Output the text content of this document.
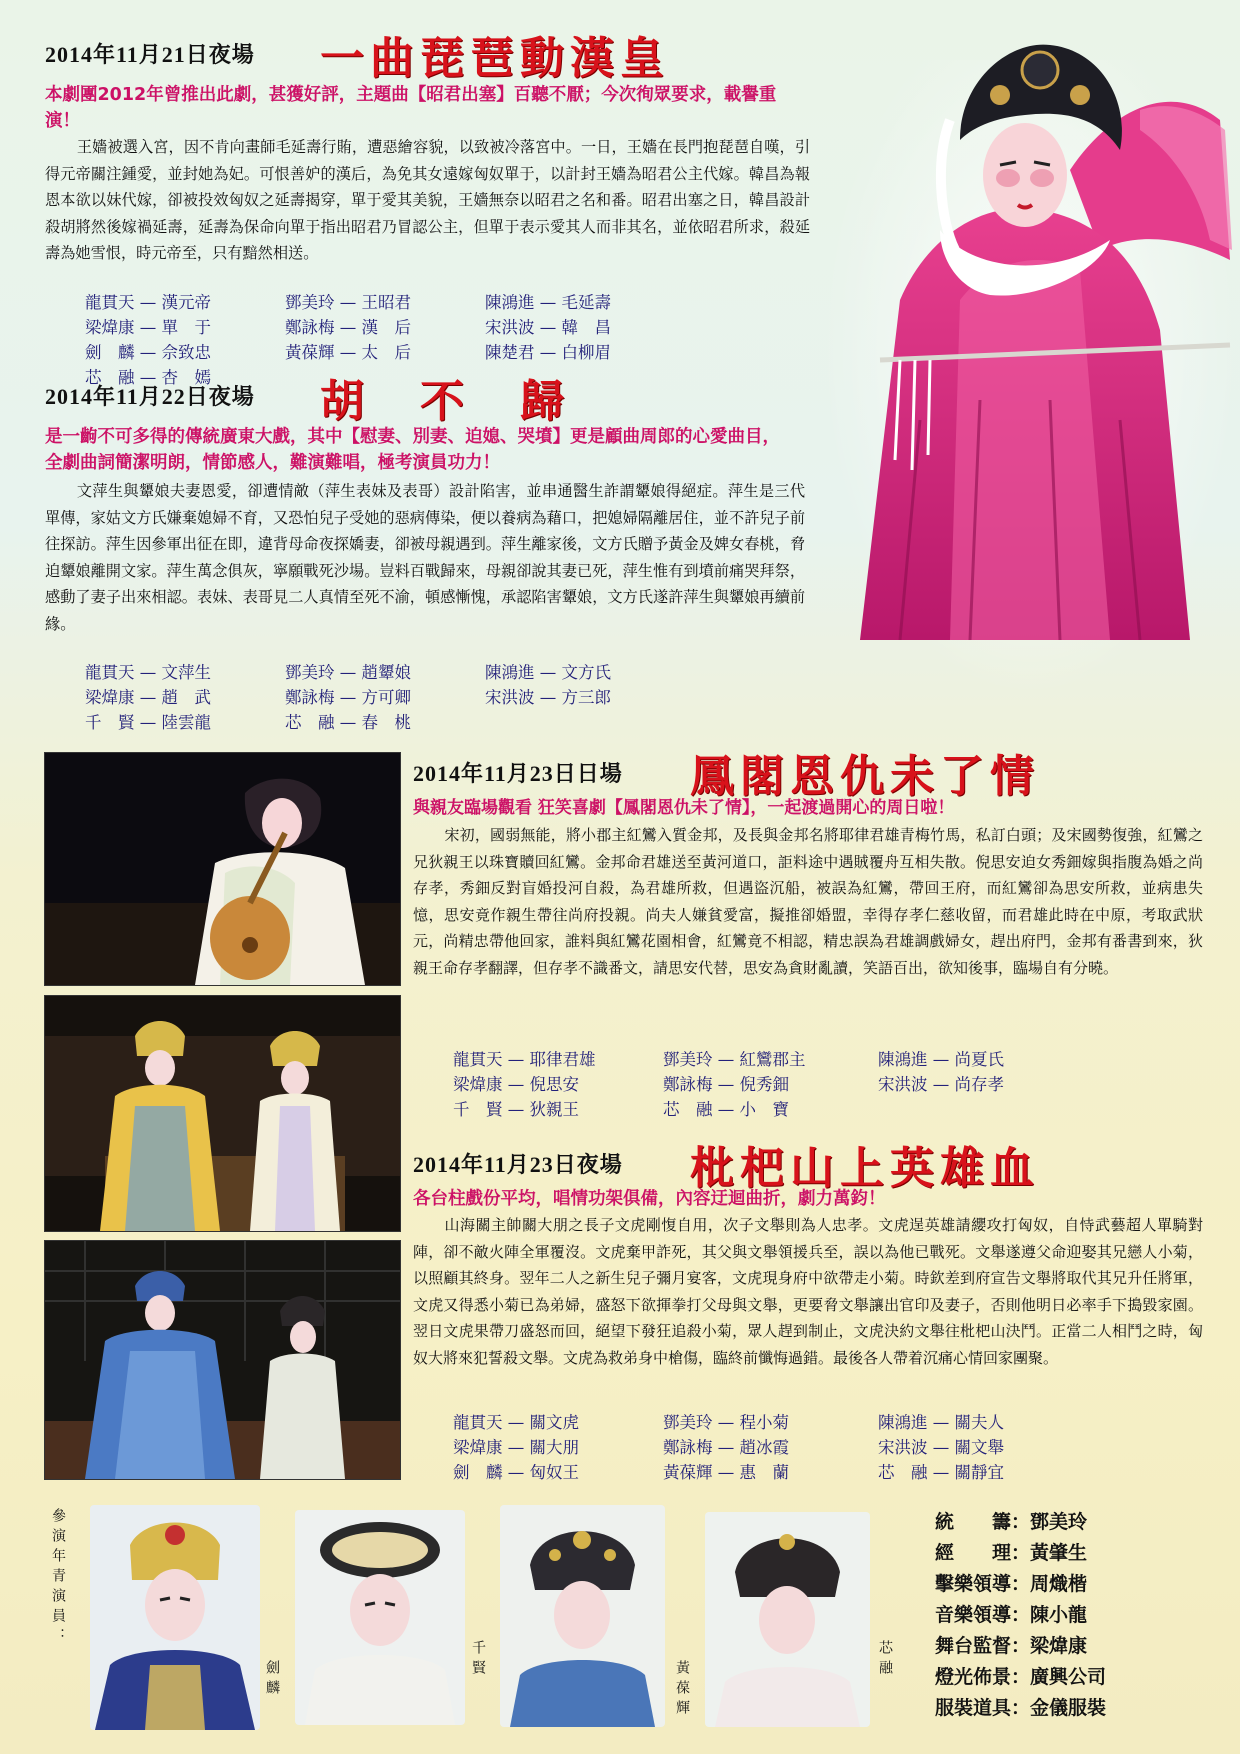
2014年11月21日夜場 一曲琵琶動漢皇
本劇團2012年曾推出此劇，甚獲好評，主題曲【昭君出塞】百聽不厭；今次徇眾要求，載譽重演！
王嬙被選入宮，因不肯向畫師毛延壽行賄，遭惡繪容貌，以致被冷落宮中。一日，王嬙在長門抱琵琶自嘆，引得元帝關注鍾愛，並封她為妃。可恨善妒的漢后，為免其女遠嫁匈奴單于，以計封王嬙為昭君公主代嫁。韓昌為報恩本欲以妹代嫁，卻被投效匈奴之延壽揭穿，單于愛其美貌，王嬙無奈以昭君之名和番。昭君出塞之日，韓昌設計殺胡將然後嫁禍延壽，延壽為保命向單于指出昭君乃冒認公主，但單于表示愛其人而非其名，並依昭君所求，殺延壽為她雪恨，時元帝至，只有黯然相送。
龍貫天 — 漢元帝	鄧美玲 — 王昭君	陳鴻進 — 毛延壽
梁煒康 — 單　于	鄭詠梅 — 漢　后	宋洪波 — 韓　昌
劍　麟 — 佘致忠	黃葆輝 — 太　后	陳楚君 — 白柳眉
芯　融 — 杏　嫣		
2014年11月22日夜場 胡　不　歸
是一齣不可多得的傳統廣東大戲，其中【慰妻、別妻、迫媳、哭墳】更是顧曲周郎的心愛曲目，全劇曲詞簡潔明朗，情節感人，難演難唱，極考演員功力！
文萍生與顰娘夫妻恩愛，卻遭情敵（萍生表妹及表哥）設計陷害，並串通醫生詐謂顰娘得絕症。萍生是三代單傳，家姑文方氏嫌棄媳婦不育，又恐怕兒子受她的惡病傳染，便以養病為藉口，把媳婦隔離居住，並不許兒子前往探訪。萍生因參軍出征在即，違背母命夜探嬌妻，卻被母親遇到。萍生離家後，文方氏贈予黃金及婢女春桃，脅迫顰娘離開文家。萍生萬念俱灰，寧願戰死沙場。豈料百戰歸來，母親卻說其妻已死，萍生惟有到墳前痛哭拜祭，感動了妻子出來相認。表妹、表哥見二人真情至死不渝，頓感慚愧，承認陷害顰娘，文方氏遂許萍生與顰娘再續前緣。
龍貫天 — 文萍生	鄧美玲 — 趙顰娘	陳鴻進 — 文方氏
梁煒康 — 趙　武	鄭詠梅 — 方可卿	宋洪波 — 方三郎
千　賢 — 陸雲龍	芯　融 — 春　桃	
2014年11月23日日場 鳳閣恩仇未了情
與親友臨場觀看 狂笑喜劇【鳳閣恩仇未了情】，一起渡過開心的周日啦！
宋初，國弱無能，將小郡主紅鸞入質金邦，及長與金邦名將耶律君雄青梅竹馬，私訂白頭；及宋國勢復強，紅鸞之兄狄親王以珠寶贖回紅鸞。金邦命君雄送至黃河道口，詎料途中遇賊覆舟互相失散。倪思安迫女秀鈿嫁與指腹為婚之尚存孝，秀鈿反對盲婚投河自殺，為君雄所救，但遇盜沉船，被誤為紅鸞，帶回王府，而紅鸞卻為思安所救，並病患失憶，思安竟作親生帶往尚府投親。尚夫人嫌貧愛富，擬推卻婚盟，幸得存孝仁慈收留，而君雄此時在中原，考取武狀元，尚精忠帶他回家，誰料與紅鸞花園相會，紅鸞竟不相認，精忠誤為君雄調戲婦女，趕出府門，金邦有番書到來，狄親王命存孝翻譯，但存孝不識番文，請思安代替，思安為貪財亂讀，笑語百出，欲知後事，臨場自有分曉。
龍貫天 — 耶律君雄	鄧美玲 — 紅鸞郡主	陳鴻進 — 尚夏氏
梁煒康 — 倪思安	鄭詠梅 — 倪秀鈿	宋洪波 — 尚存孝
千　賢 — 狄親王	芯　融 — 小　寶	
2014年11月23日夜場 枇杷山上英雄血
各台柱戲份平均，唱情功架俱備，內容迂迴曲折，劇力萬鈞！
山海關主帥關大朋之長子文虎剛愎自用，次子文舉則為人忠孝。文虎逞英雄請纓攻打匈奴，自恃武藝超人單騎對陣，卻不敵火陣全軍覆沒。文虎棄甲詐死，其父與文舉領援兵至，誤以為他已戰死。文舉遂遵父命迎娶其兄戀人小菊，以照顧其終身。翌年二人之新生兒子彌月宴客，文虎現身府中欲帶走小菊。時欽差到府宣告文舉將取代其兄升任將軍，文虎又得悉小菊已為弟婦，盛怒下欲揮拳打父母與文舉，更要脅文舉讓出官印及妻子，否則他明日必率手下搗毀家園。翌日文虎果帶刀盛怒而回，絕望下發狂追殺小菊，眾人趕到制止，文虎決約文舉往枇杷山決鬥。正當二人相鬥之時，匈奴大將來犯誓殺文舉。文虎為救弟身中槍傷，臨終前懺悔過錯。最後各人帶着沉痛心情回家團聚。
龍貫天 — 關文虎	鄧美玲 — 程小菊	陳鴻進 — 關夫人
梁煒康 — 關大朋	鄭詠梅 — 趙冰霞	宋洪波 — 關文舉
劍　麟 — 匈奴王	黃葆輝 — 惠　蘭	芯　融 — 關靜宜
參演年青演員：
劍麟	千賢	黃葆輝	芯融
統　　籌：鄧美玲
經　　理：黃肇生
擊樂領導：周熾楷
音樂領導：陳小龍
舞台監督：梁煒康
燈光佈景：廣興公司
服裝道具：金儀服裝
